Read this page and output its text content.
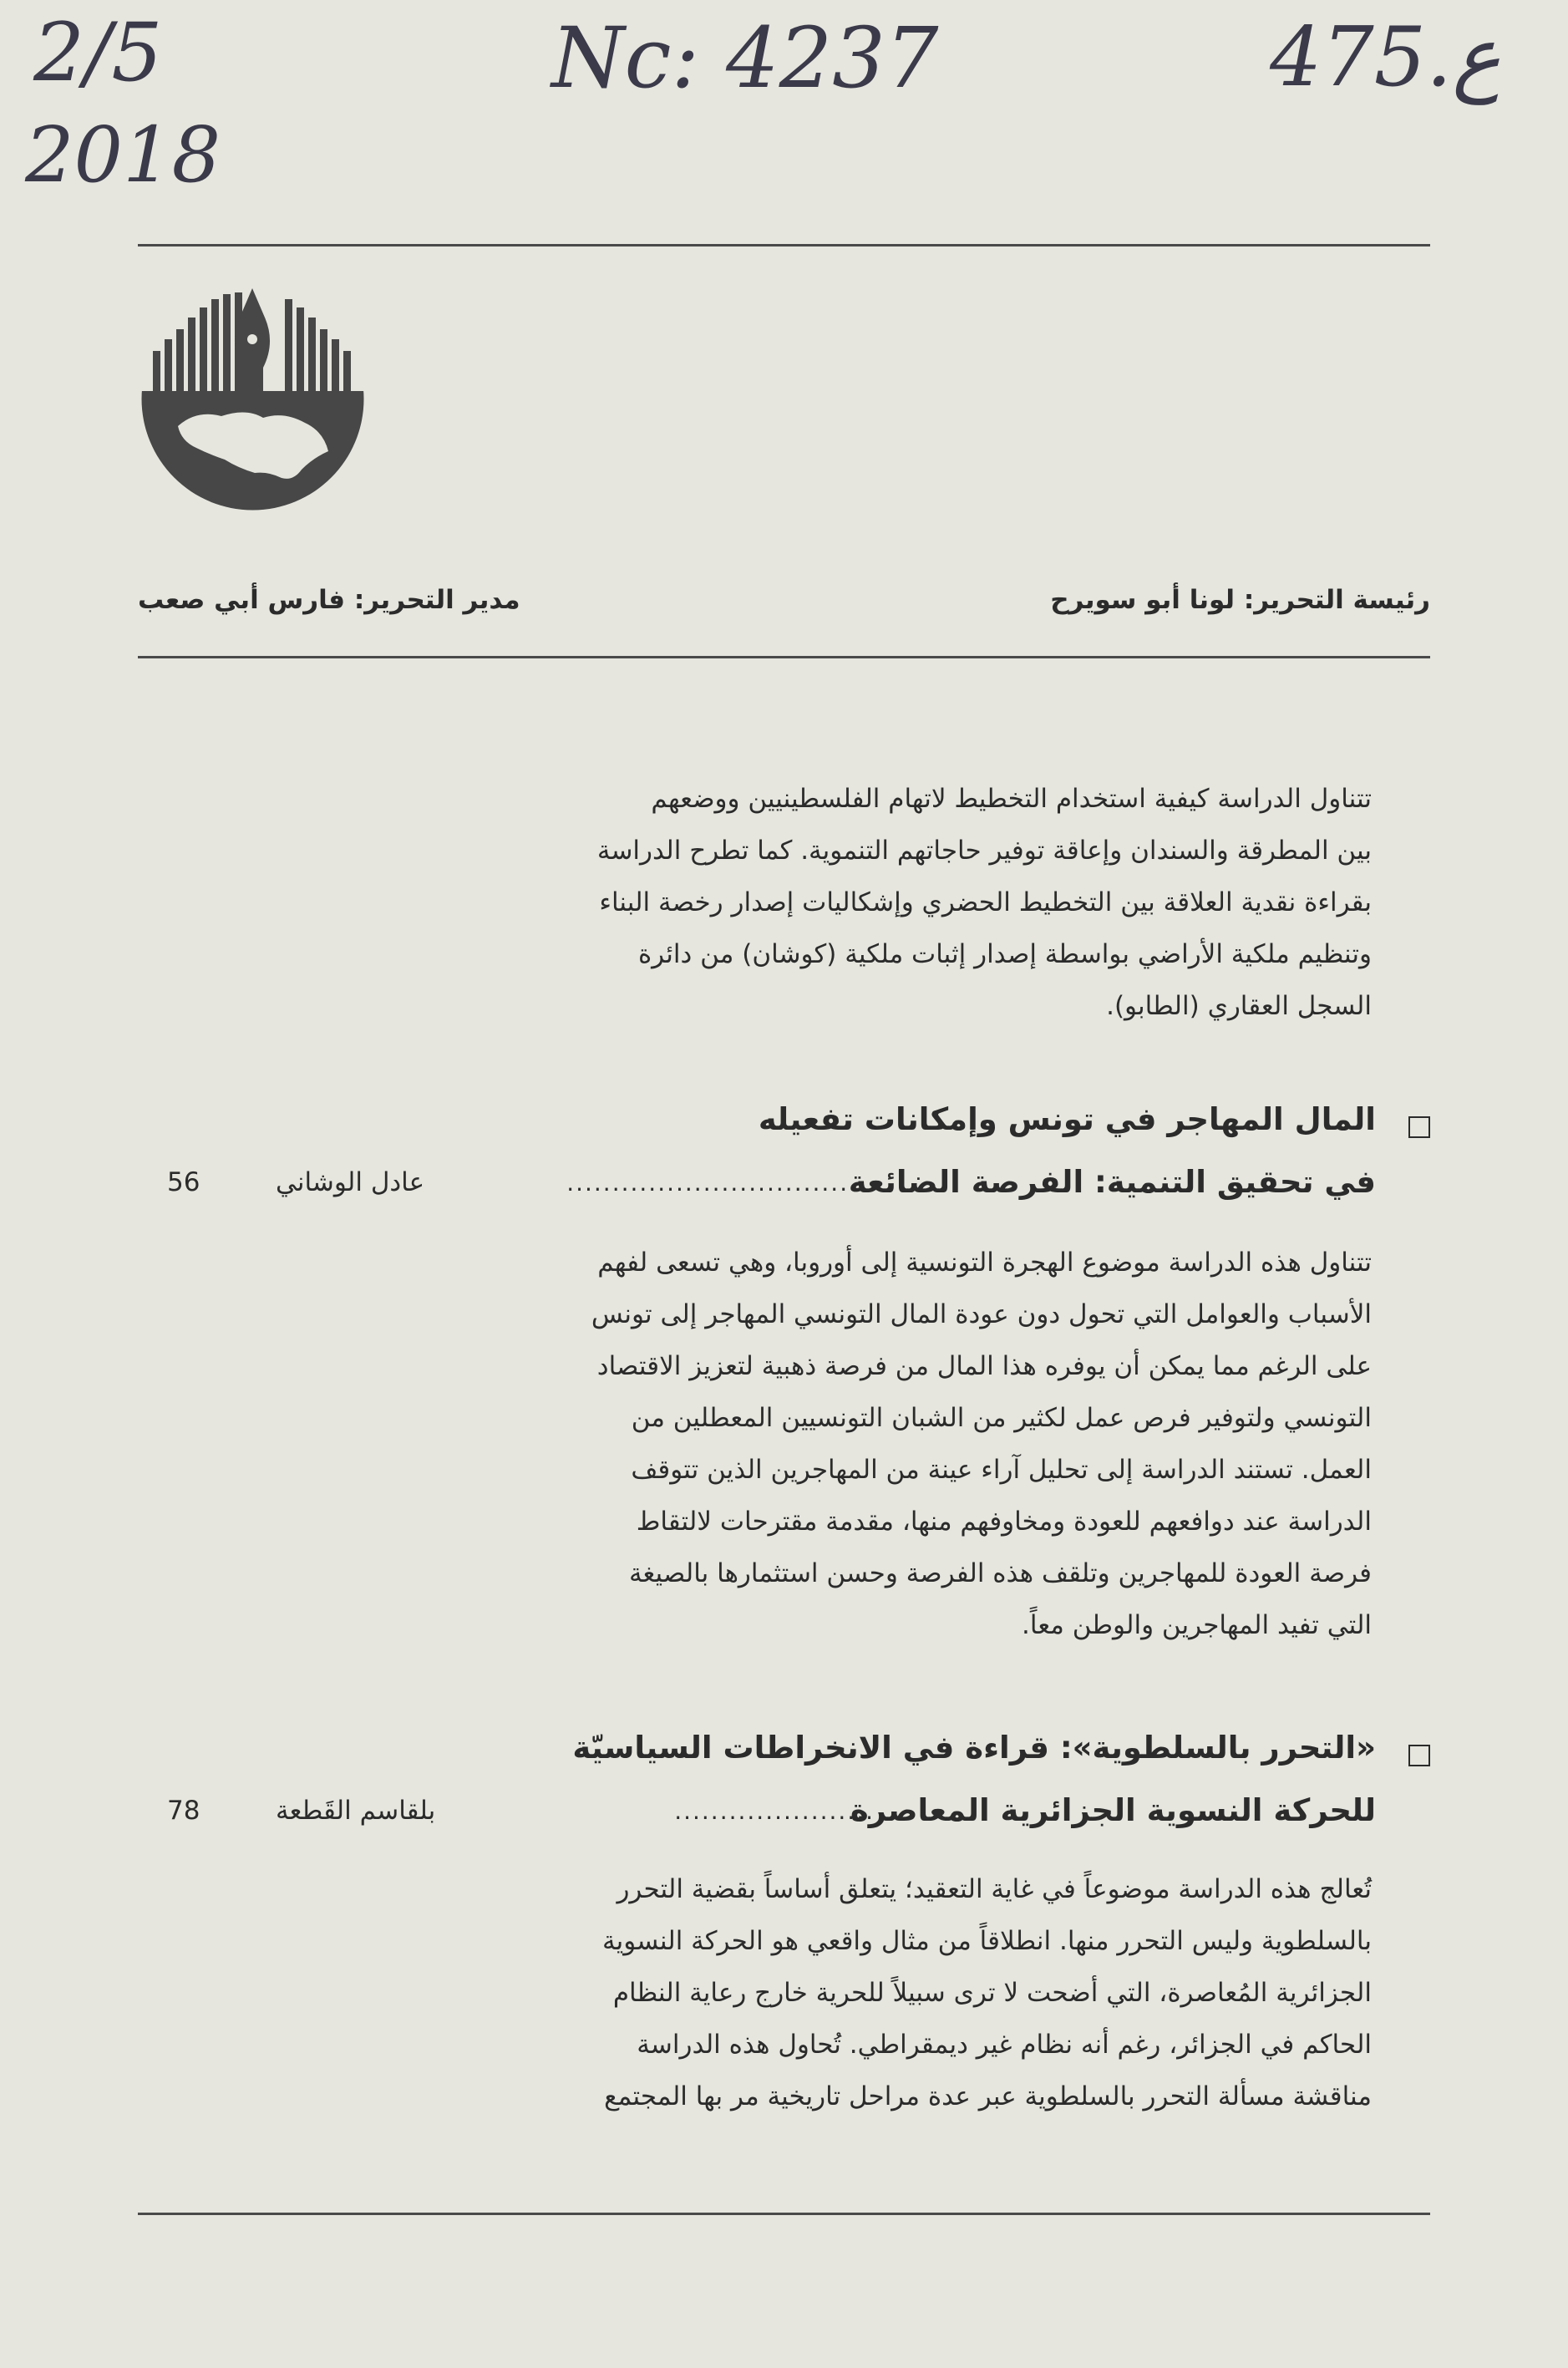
2/5
2018
Nc: 4237	475.ع
رئيسة التحرير: لونا أبو سويرح
مدير التحرير: فارس أبي صعب
تتناول الدراسة كيفية استخدام التخطيط لاتهام الفلسطينيين ووضعهم
بين المطرقة والسندان وإعاقة توفير حاجاتهم التنموية. كما تطرح الدراسة
بقراءة نقدية العلاقة بين التخطيط الحضري وإشكاليات إصدار رخصة البناء
وتنظيم ملكية الأراضي بواسطة إصدار إثبات ملكية (كوشان) من دائرة
السجل العقاري (الطابو).
المال المهاجر في تونس وإمكانات تفعيله
في تحقيق التنمية: الفرصة الضائعة
................................
عادل الوشاني
56
تتناول هذه الدراسة موضوع الهجرة التونسية إلى أوروبا، وهي تسعى لفهم
الأسباب والعوامل التي تحول دون عودة المال التونسي المهاجر إلى تونس
على الرغم مما يمكن أن يوفره هذا المال من فرصة ذهبية لتعزيز الاقتصاد
التونسي ولتوفير فرص عمل لكثير من الشبان التونسيين المعطلين من
العمل. تستند الدراسة إلى تحليل آراء عينة من المهاجرين الذين تتوقف
الدراسة عند دوافعهم للعودة ومخاوفهم منها، مقدمة مقترحات لالتقاط
فرصة العودة للمهاجرين وتلقف هذه الفرصة وحسن استثمارها بالصيغة
التي تفيد المهاجرين والوطن معاً.
«التحرر بالسلطوية»: قراءة في الانخراطات السياسيّة
للحركة النسوية الجزائرية المعاصرة
......................
بلقاسم القَطعة
78
تُعالج هذه الدراسة موضوعاً في غاية التعقيد؛ يتعلق أساساً بقضية التحرر
بالسلطوية وليس التحرر منها. انطلاقاً من مثال واقعي هو الحركة النسوية
الجزائرية المُعاصرة، التي أضحت لا ترى سبيلاً للحرية خارج رعاية النظام
الحاكم في الجزائر، رغم أنه نظام غير ديمقراطي. تُحاول هذه الدراسة
مناقشة مسألة التحرر بالسلطوية عبر عدة مراحل تاريخية مر بها المجتمع
